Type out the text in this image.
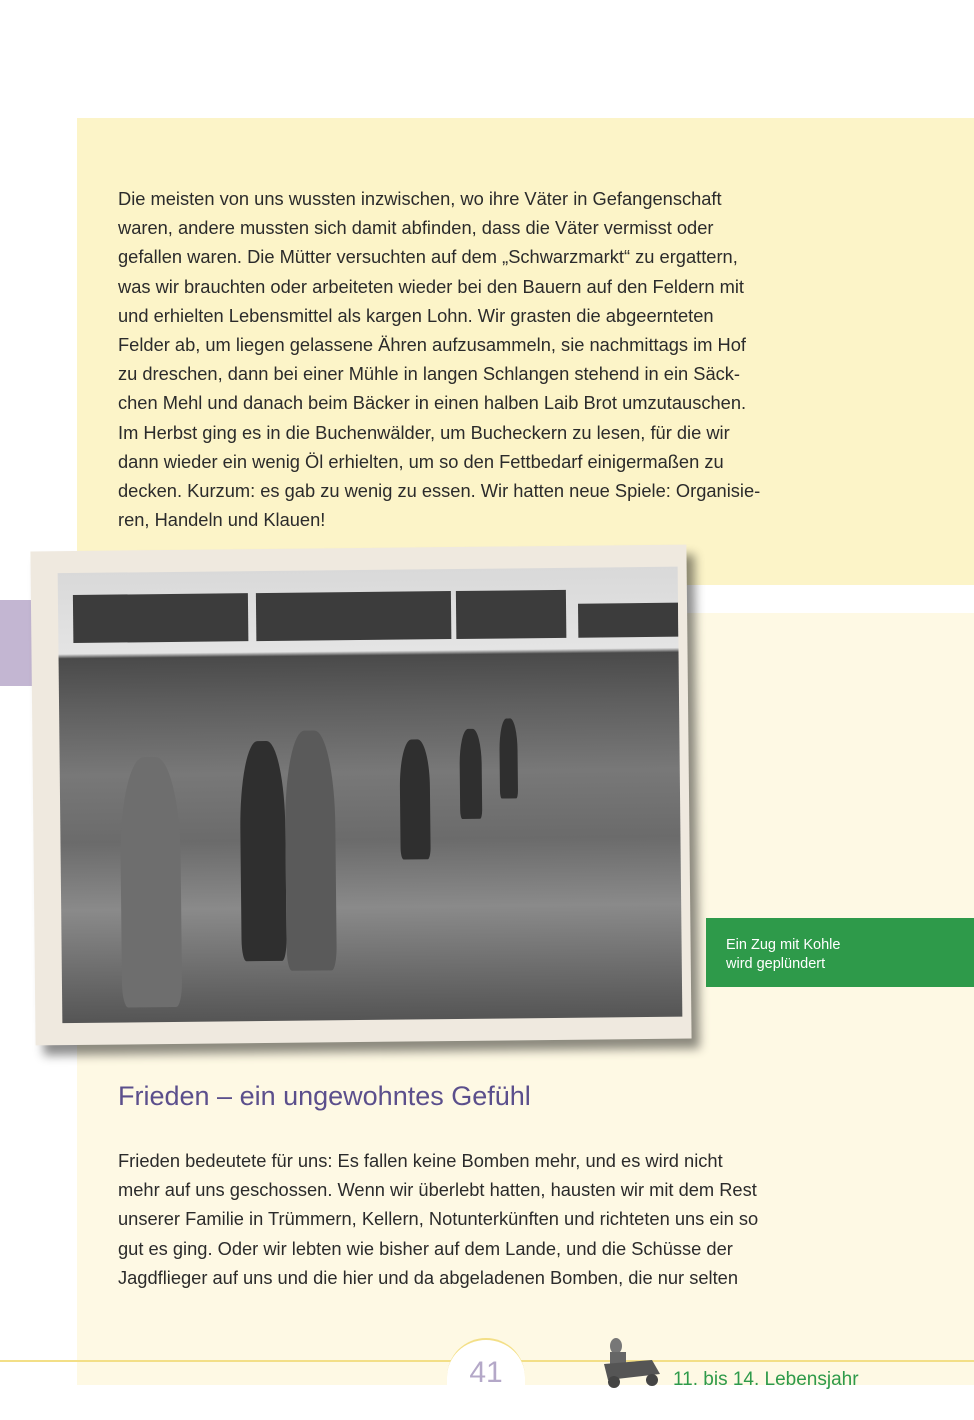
Die meisten von uns wussten inzwischen, wo ihre Väter in Gefangenschaft
waren, andere mussten sich damit abfinden, dass die Väter vermisst oder
gefallen waren. Die Mütter versuchten auf dem „Schwarzmarkt“ zu ergattern,
was wir brauchten oder arbeiteten wieder bei den Bauern auf den Feldern mit
und erhielten Lebensmittel als kargen Lohn. Wir grasten die abgeernteten
Felder ab, um liegen gelassene Ähren aufzusammeln, sie nachmittags im Hof
zu dreschen, dann bei einer Mühle in langen Schlangen stehend in ein Säck-
chen Mehl und danach beim Bäcker in einen halben Laib Brot umzutauschen.
Im Herbst ging es in die Buchenwälder, um Bucheckern zu lesen, für die wir
dann wieder ein wenig Öl erhielten, um so den Fettbedarf einigermaßen zu
decken. Kurzum: es gab zu wenig zu essen. Wir hatten neue Spiele: Organisie-
ren, Handeln und Klauen!
Ein Zug mit Kohle
wird geplündert
Frieden – ein ungewohntes Gefühl
Frieden bedeutete für uns: Es fallen keine Bomben mehr, und es wird nicht
mehr auf uns geschossen. Wenn wir überlebt hatten, hausten wir mit dem Rest
unserer Familie in Trümmern, Kellern, Notunterkünften und richteten uns ein so
gut es ging. Oder wir lebten wie bisher auf dem Lande, und die Schüsse der
Jagdflieger auf uns und die hier und da abgeladenen Bomben, die nur selten
41	11. bis 14. Lebensjahr
